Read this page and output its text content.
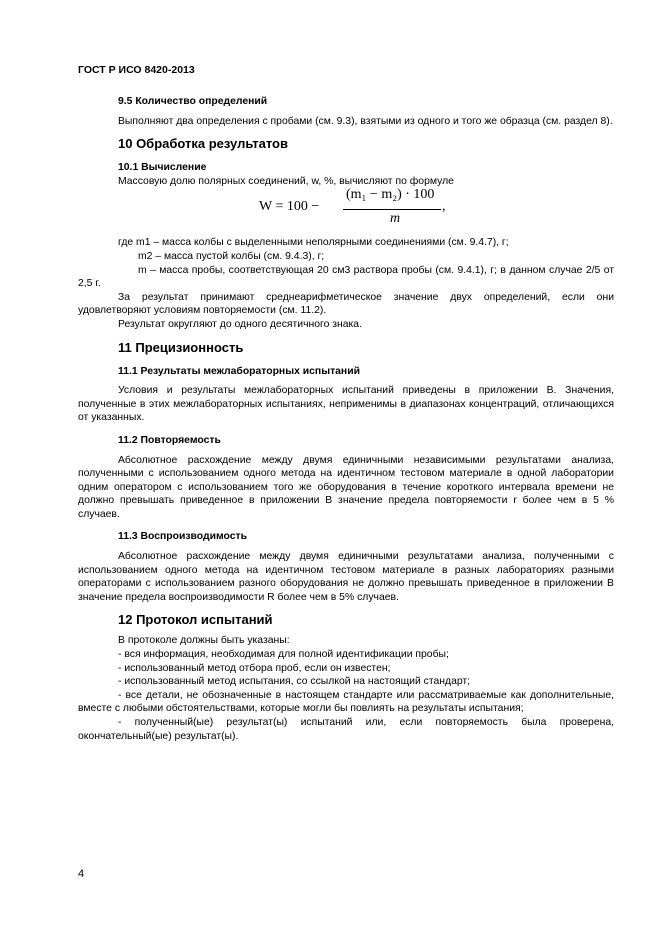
ГОСТ Р ИСО 8420-2013
9.5 Количество определений

Выполняют два определения с пробами (см. 9.3), взятыми из одного и того же образца (см. раздел 8).

10 Обработка результатов
10.1 Вычисление
Массовую долю полярных соединений, w, %, вычисляют по формуле
W = 100 −
(m₁ − m₂) · 100
m
,
где m1 – масса колбы с выделенными неполярными соединениями (см. 9.4.7), г;
m2 – масса пустой колбы (см. 9.4.3), г;

m – масса пробы, соответствующая 20 см3 раствора пробы (см. 9.4.1), г; в данном случае 2/5 от 2,5 г.

За результат принимают среднеарифметическое значение двух определений, если они удовлетворяют условиям повторяемости (см. 11.2).

Результат округляют до одного десятичного знака.
11 Прецизионность
11.1 Результаты межлабораторных испытаний

Условия и результаты межлабораторных испытаний приведены в приложении В. Значения, полученные в этих межлабораторных испытаниях, неприменимы в диапазонах концентраций, отличающихся от указанных.

11.2 Повторяемость

Абсолютное расхождение между двумя единичными независимыми результатами анализа, полученными с использованием одного метода на идентичном тестовом материале в одной лаборатории одним оператором с использованием того же оборудования в течение короткого интервала времени не должно превышать приведенное в приложении В значение предела повторяемости r более чем в 5 % случаев.

11.3 Воспроизводимость

Абсолютное расхождение между двумя единичными результатами анализа, полученными с использованием одного метода на идентичном тестовом материале в разных лабораториях разными операторами с использованием разного оборудования не должно превышать приведенное в приложении В значение предела воспроизводимости R более чем в 5% случаев.

12 Протокол испытаний
В протоколе должны быть указаны:
- вся информация, необходимая для полной идентификации пробы;
- использованный метод отбора проб, если он известен;
- использованный метод испытания, со ссылкой на настоящий стандарт;

- все детали, не обозначенные в настоящем стандарте или рассматриваемые как дополнительные, вместе с любыми обстоятельствами, которые могли бы повлиять на результаты испытания;

- полученный(ые) результат(ы) испытаний или, если повторяемость была проверена, окончательный(ые) результат(ы).

4
